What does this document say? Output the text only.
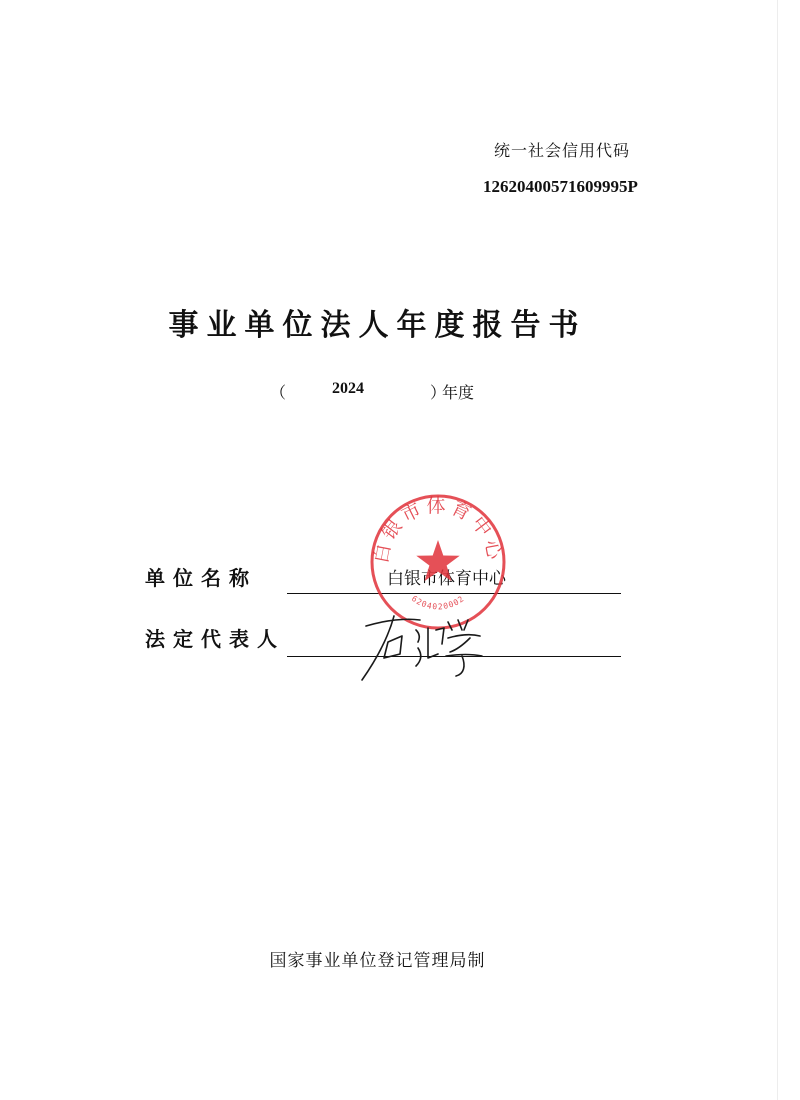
统一社会信用代码
12620400571609995P
事业单位法人年度报告书
（	2024	）
年度
单位名称	白银市体育中心
法定代表人
白银市体育中心
6204020002
国家事业单位登记管理局制
